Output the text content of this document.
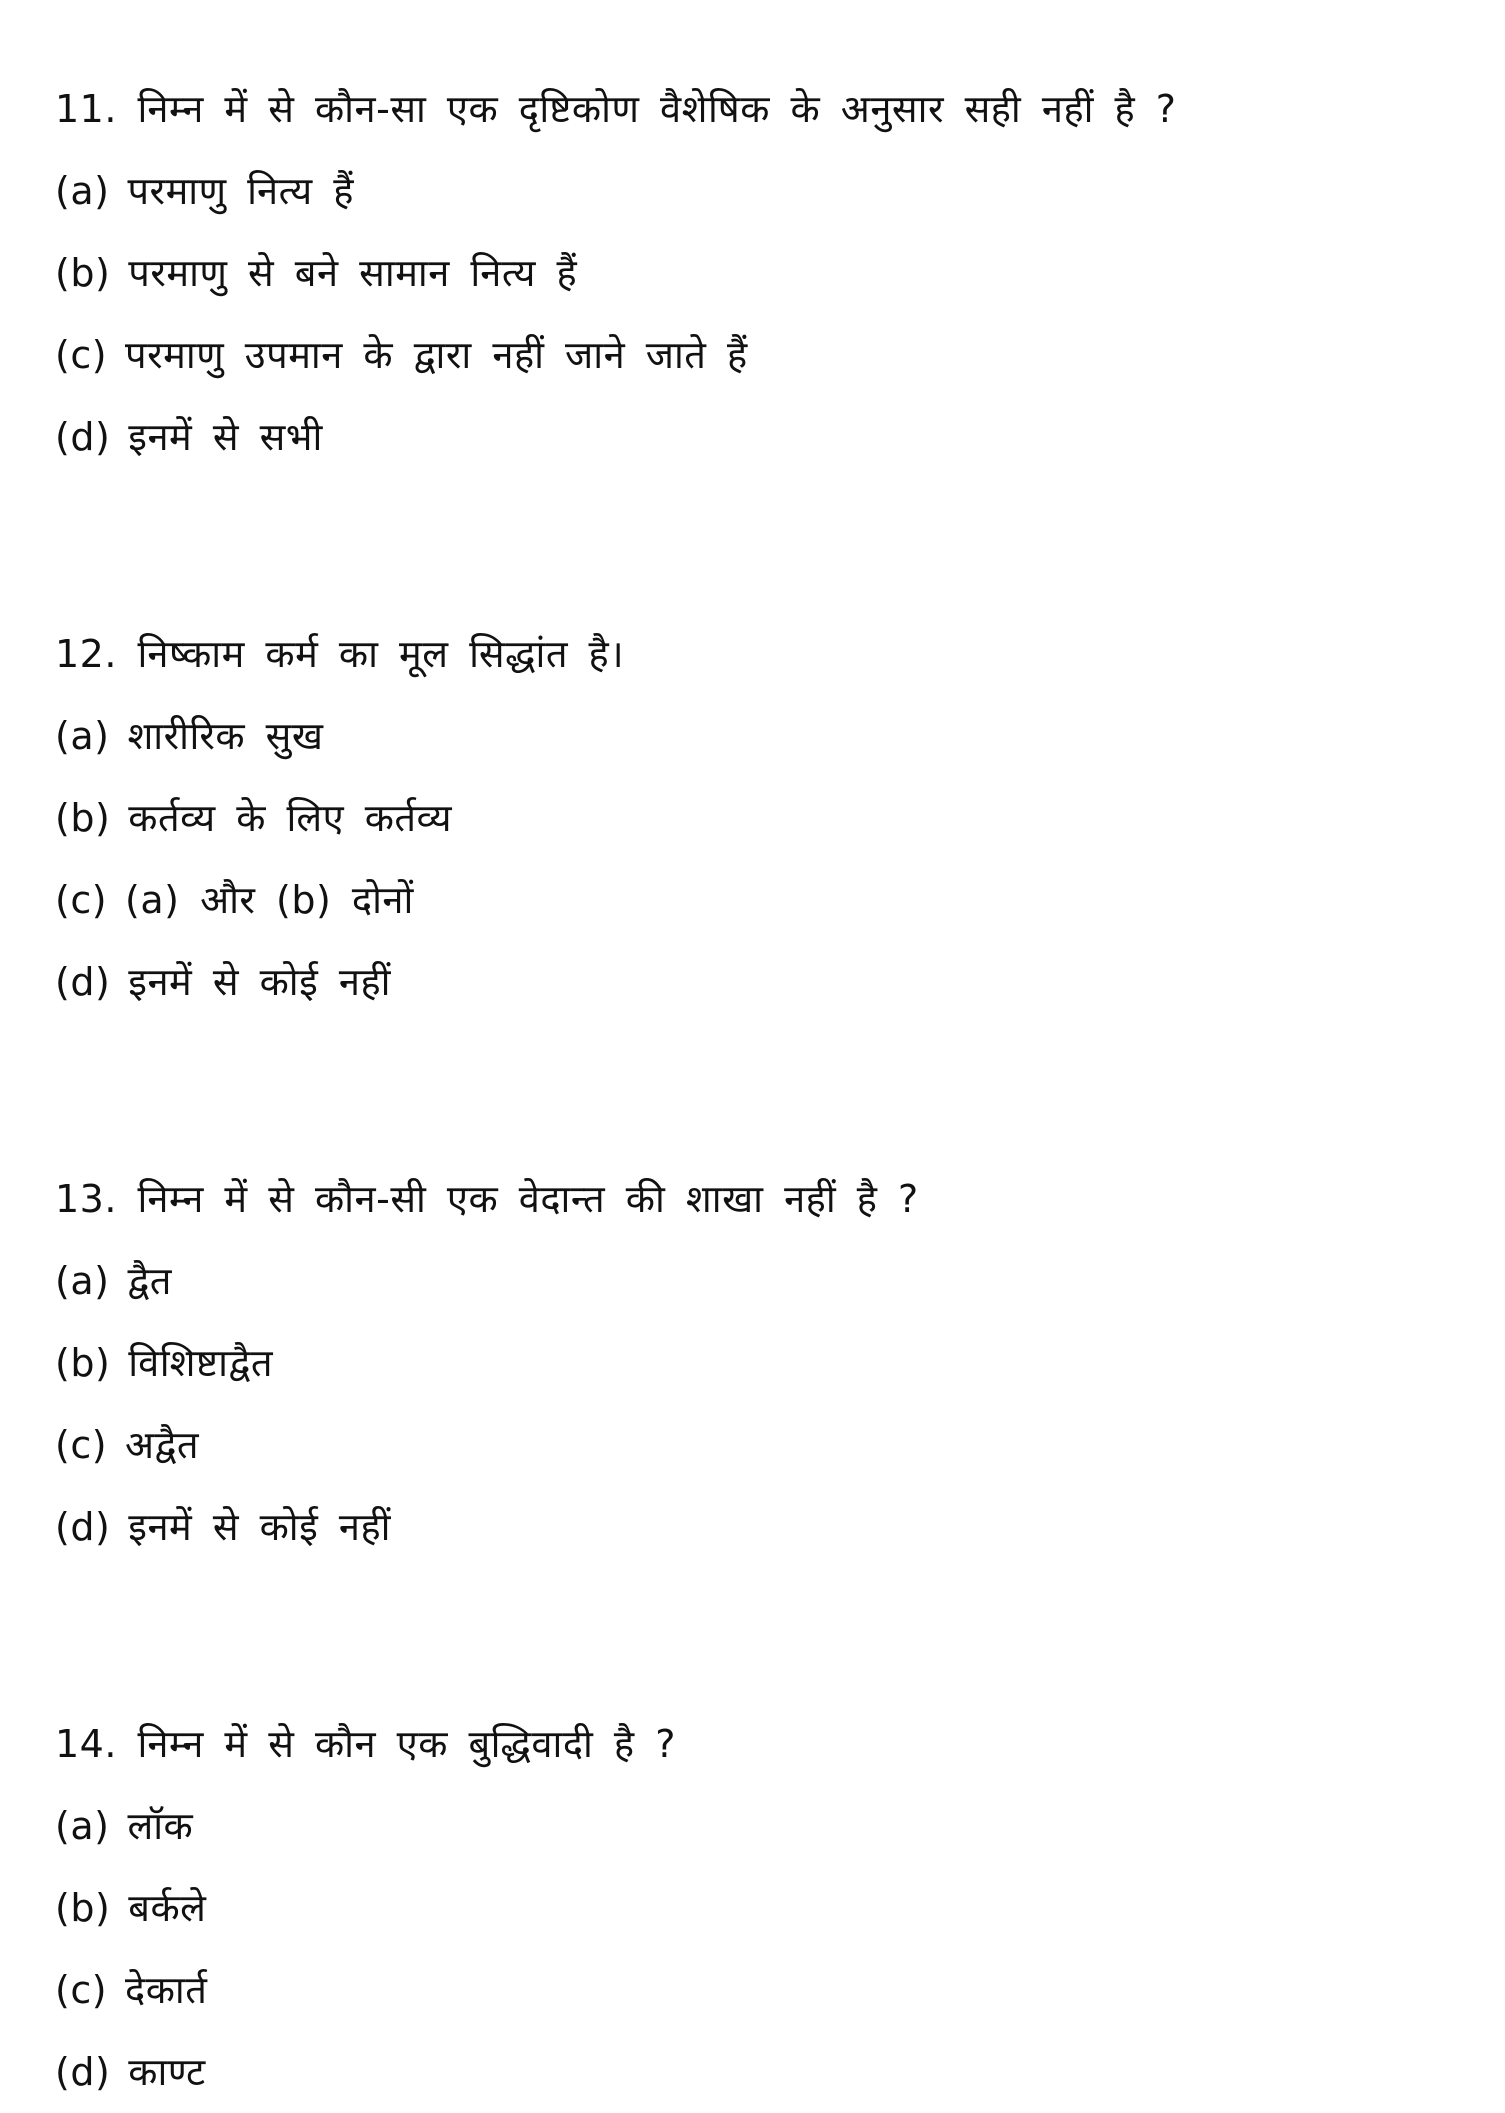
11. निम्न में से कौन-सा एक दृष्टिकोण वैशेषिक के अनुसार सही नहीं है ?
(a) परमाणु नित्य हैं
(b) परमाणु से बने सामान नित्य हैं
(c) परमाणु उपमान के द्वारा नहीं जाने जाते हैं
(d) इनमें से सभी
12. निष्काम कर्म का मूल सिद्धांत है।
(a) शारीरिक सुख
(b) कर्तव्य के लिए कर्तव्य
(c) (a) और (b) दोनों
(d) इनमें से कोई नहीं
13. निम्न में से कौन-सी एक वेदान्त की शाखा नहीं है ?
(a) द्वैत
(b) विशिष्टाद्वैत
(c) अद्वैत
(d) इनमें से कोई नहीं
14. निम्न में से कौन एक बुद्धिवादी है ?
(a) लॉक
(b) बर्कले
(c) देकार्त
(d) काण्ट
